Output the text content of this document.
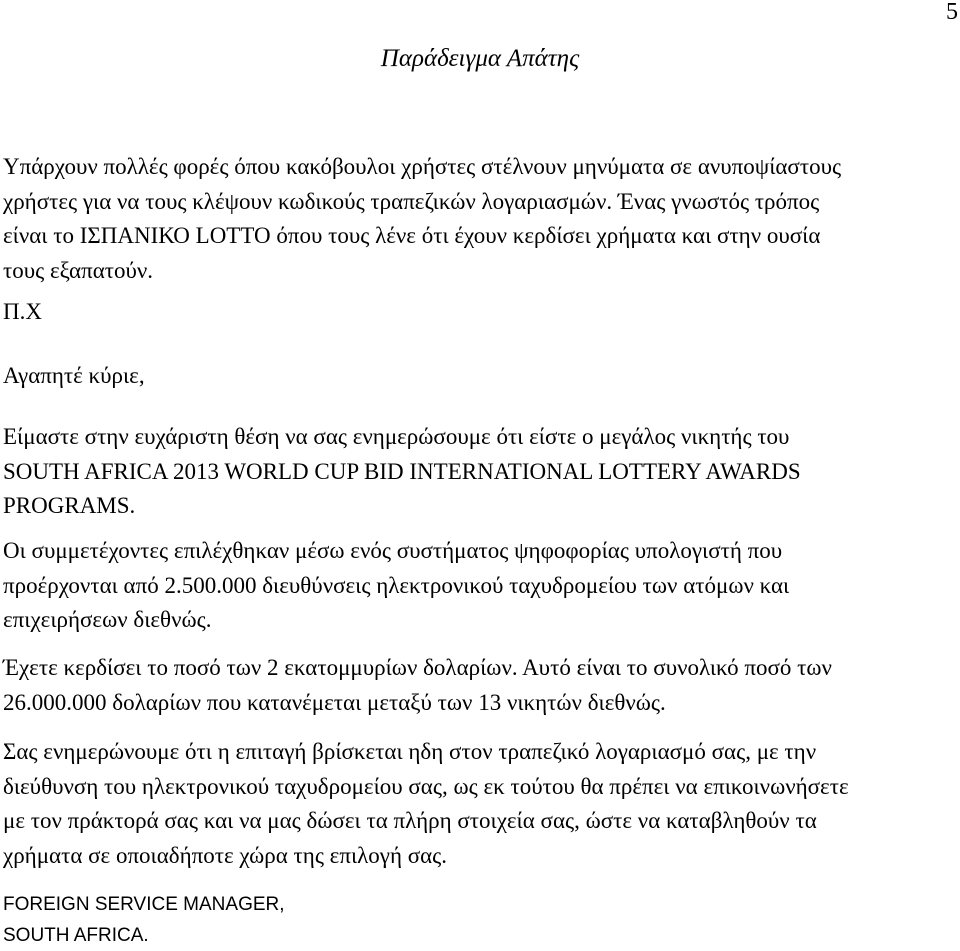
5
Παράδειγμα Απάτης

Υπάρχουν πολλές φορές όπου κακόβουλοι χρήστες στέλνουν μηνύματα σε ανυποψίαστους
χρήστες για να τους κλέψουν κωδικούς τραπεζικών λογαριασμών. Ένας γνωστός τρόπος
είναι το ΙΣΠΑΝΙΚΟ LOTTO όπου τους λένε ότι έχουν κερδίσει χρήματα και στην ουσία
τους εξαπατούν.

Π.Χ

Αγαπητέ κύριε,

Είμαστε στην ευχάριστη θέση να σας ενημερώσουμε ότι είστε ο μεγάλος νικητής του
SOUTH AFRICA 2013 WORLD CUP BID INTERNATIONAL LOTTERY AWARDS
PROGRAMS.

Οι συμμετέχοντες επιλέχθηκαν μέσω ενός συστήματος ψηφοφορίας υπολογιστή που
προέρχονται από 2.500.000 διευθύνσεις ηλεκτρονικού ταχυδρομείου των ατόμων και
επιχειρήσεων διεθνώς.

Έχετε κερδίσει το ποσό των 2 εκατομμυρίων δολαρίων. Αυτό είναι το συνολικό ποσό των
26.000.000 δολαρίων που κατανέμεται μεταξύ των 13 νικητών διεθνώς.

Σας ενημερώνουμε ότι η επιταγή βρίσκεται ηδη στον τραπεζικό λογαριασμό σας, με την
διεύθυνση του ηλεκτρονικού ταχυδρομείου σας, ως εκ τούτου θα πρέπει να επικοινωνήσετε
με τον πράκτορά σας και να μας δώσει τα πλήρη στοιχεία σας, ώστε να καταβληθούν τα
χρήματα σε οποιαδήποτε χώρα της επιλογή σας.

FOREIGN SERVICE MANAGER,
SOUTH AFRICA.
